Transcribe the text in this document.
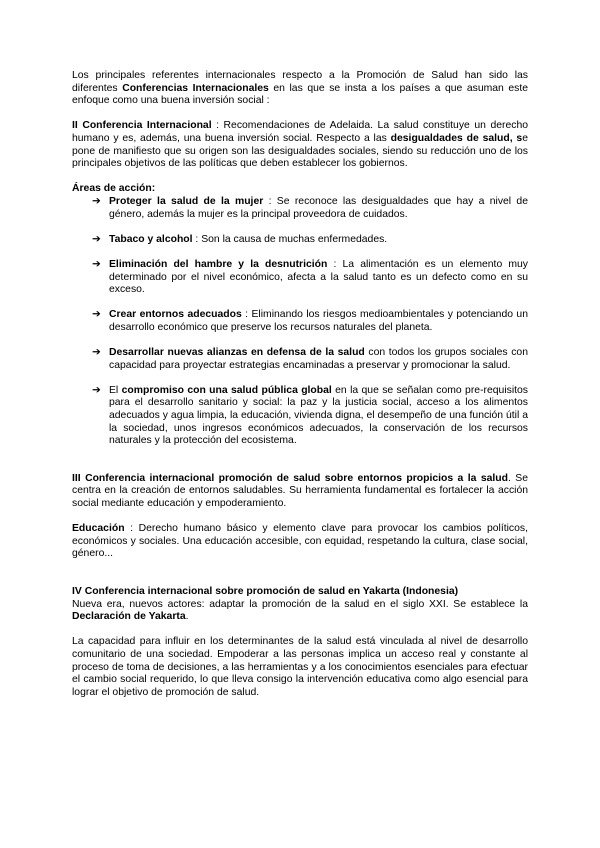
Los principales referentes internacionales respecto a la Promoción de Salud han sido las diferentes Conferencias Internacionales en las que se insta a los países a que asuman este enfoque como una buena inversión social :

II Conferencia Internacional : Recomendaciones de Adelaida. La salud constituye un derecho humano y es, además, una buena inversión social. Respecto a las desigualdades de salud, se pone de manifiesto que su origen son las desigualdades sociales, siendo su reducción uno de los principales objetivos de las políticas que deben establecer los gobiernos.

Áreas de acción:

➔ Proteger la salud de la mujer : Se reconoce las desigualdades que hay a nivel de género, además la mujer es la principal proveedora de cuidados.
➔ Tabaco y alcohol : Son la causa de muchas enfermedades.
➔ Eliminación del hambre y la desnutrición : La alimentación es un elemento muy determinado por el nivel económico, afecta a la salud tanto es un defecto como en su exceso.
➔ Crear entornos adecuados : Eliminando los riesgos medioambientales y potenciando un desarrollo económico que preserve los recursos naturales del planeta.
➔ Desarrollar nuevas alianzas en defensa de la salud con todos los grupos sociales con capacidad para proyectar estrategias encaminadas a preservar y promocionar la salud.
➔ El compromiso con una salud pública global en la que se señalan como pre-requisitos para el desarrollo sanitario y social: la paz y la justicia social, acceso a los alimentos adecuados y agua limpia, la educación, vivienda digna, el desempeño de una función útil a la sociedad, unos ingresos económicos adecuados, la conservación de los recursos naturales y la protección del ecosistema.

III Conferencia internacional promoción de salud sobre entornos propicios a la salud. Se centra en la creación de entornos saludables. Su herramienta fundamental es fortalecer la acción social mediante educación y empoderamiento.

Educación : Derecho humano básico y elemento clave para provocar los cambios políticos, económicos y sociales. Una educación accesible, con equidad, respetando la cultura, clase social, género...

IV Conferencia internacional sobre promoción de salud en Yakarta (Indonesia)

Nueva era, nuevos actores: adaptar la promoción de la salud en el siglo XXI. Se establece la Declaración de Yakarta.

La capacidad para influir en los determinantes de la salud está vinculada al nivel de desarrollo comunitario de una sociedad. Empoderar a las personas implica un acceso real y constante al proceso de toma de decisiones, a las herramientas y a los conocimientos esenciales para efectuar el cambio social requerido, lo que lleva consigo la intervención educativa como algo esencial para lograr el objetivo de promoción de salud.
